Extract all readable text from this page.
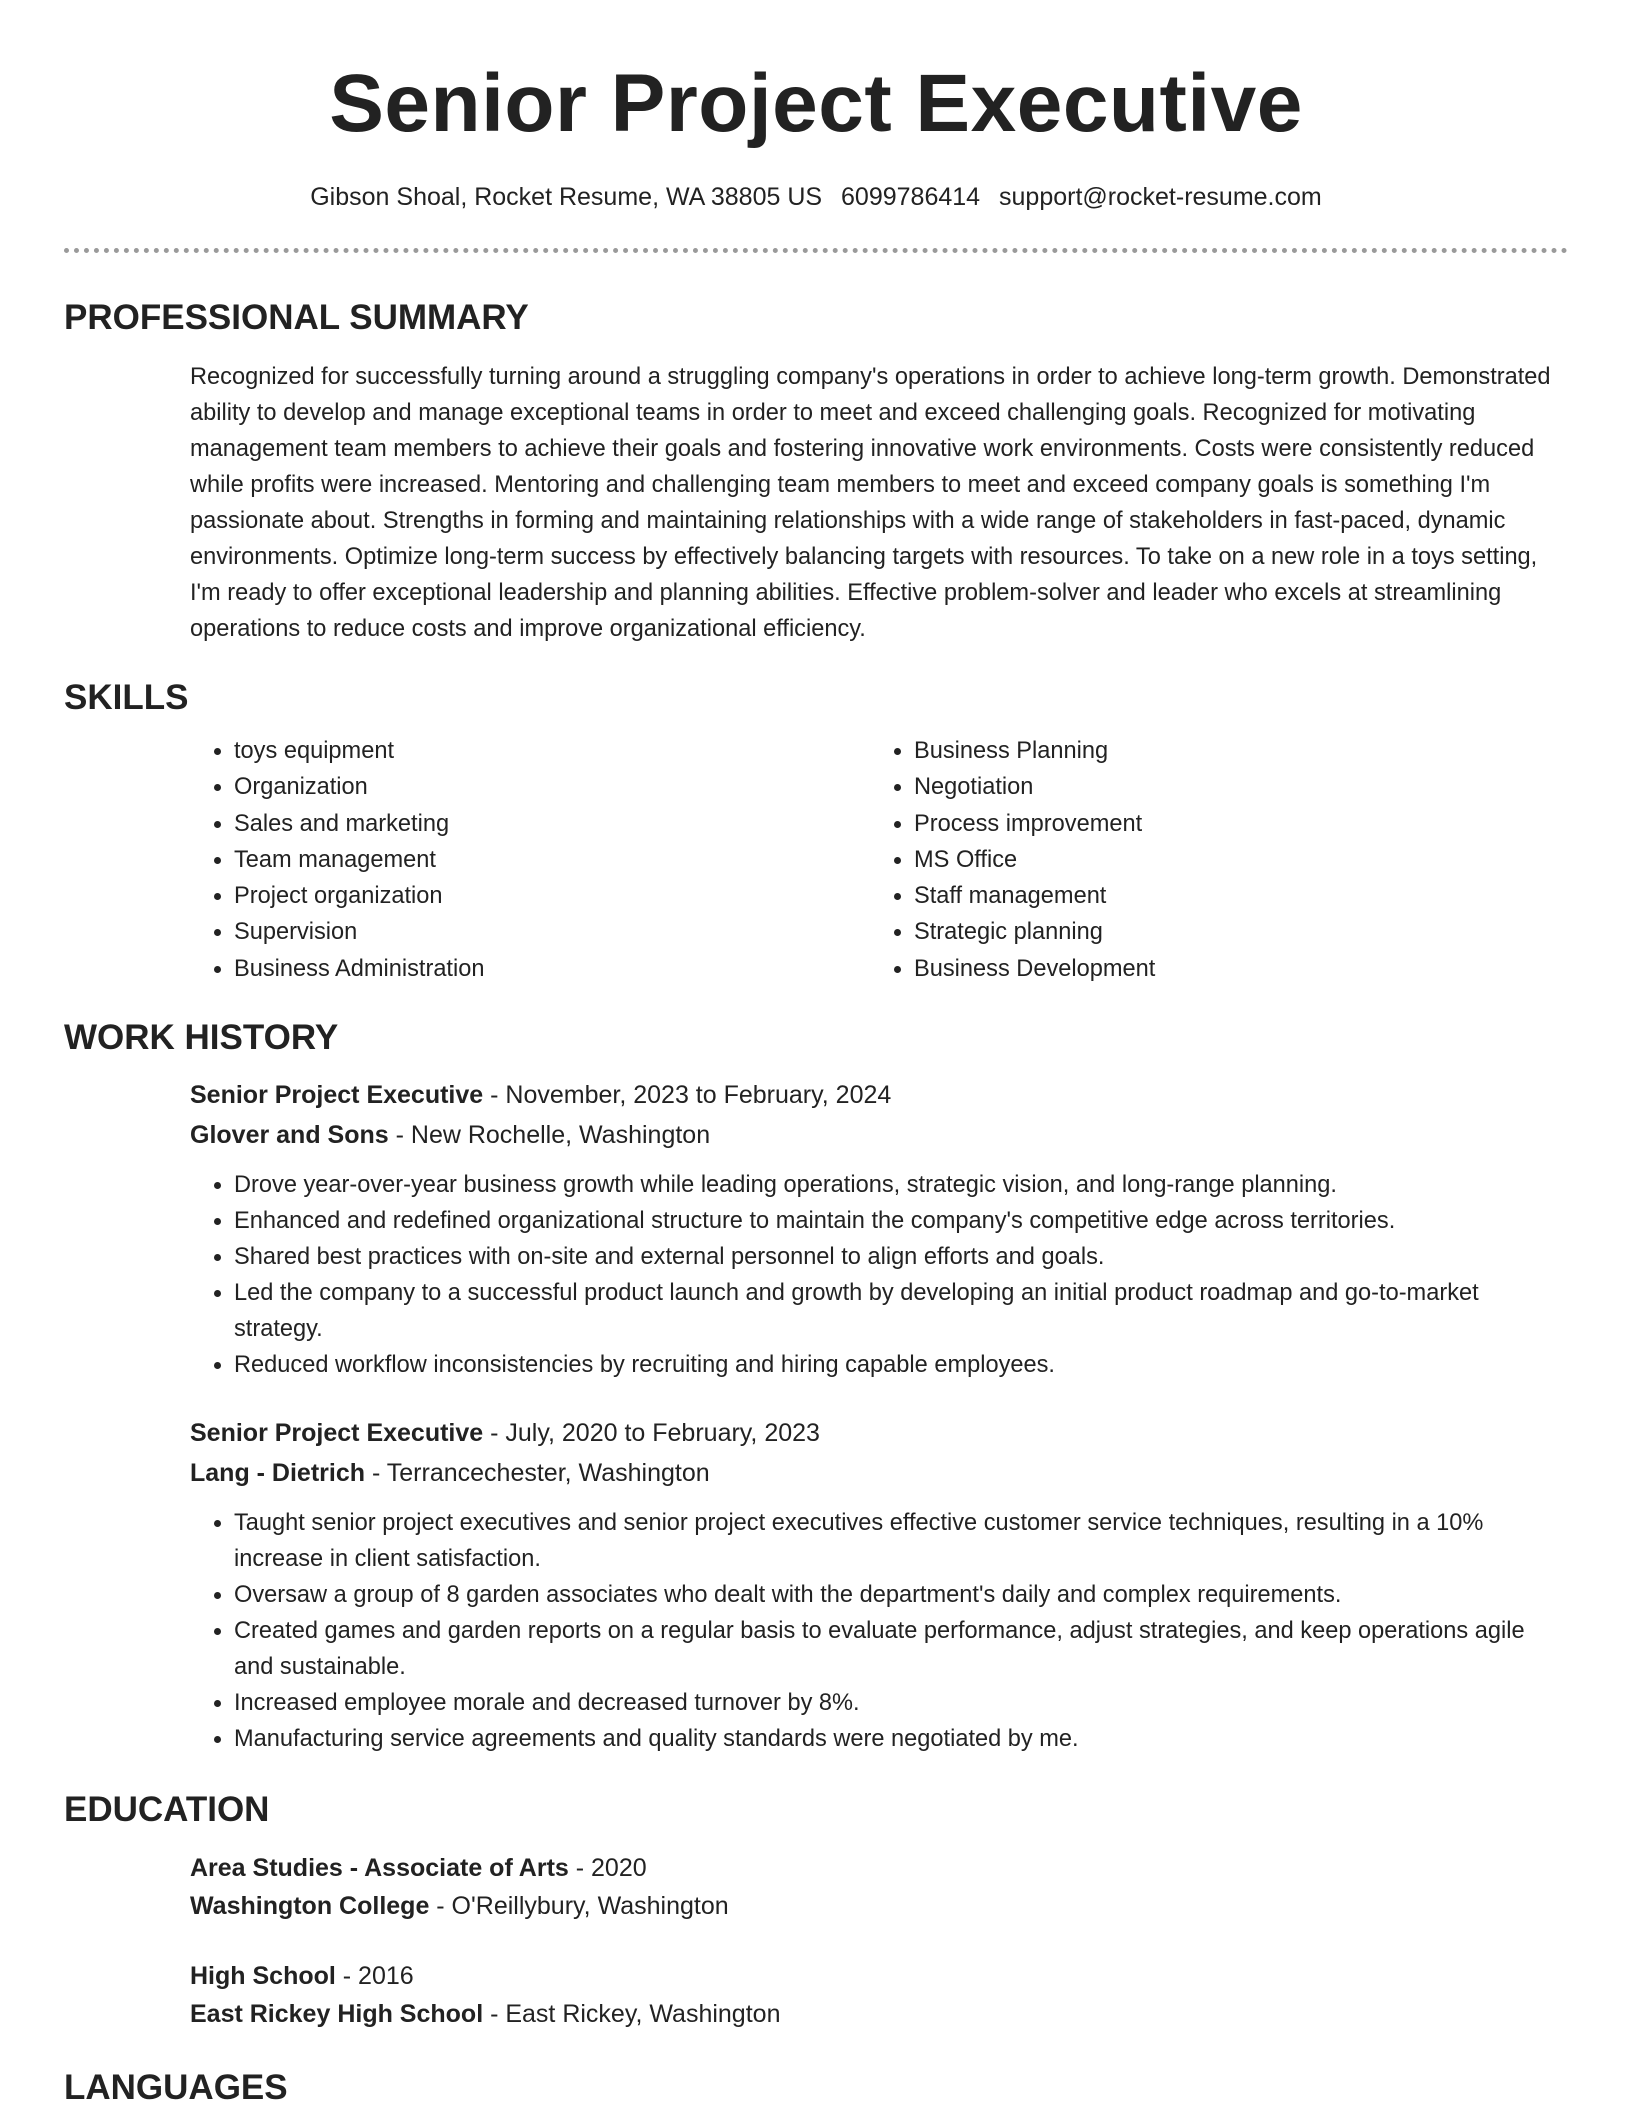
Senior Project Executive
Gibson Shoal, Rocket Resume, WA 38805 US 6099786414 support@rocket-resume.com
PROFESSIONAL SUMMARY

Recognized for successfully turning around a struggling company's operations in order to achieve long-term growth. Demonstrated ability to develop and manage exceptional teams in order to meet and exceed challenging goals. Recognized for motivating management team members to achieve their goals and fostering innovative work environments. Costs were consistently reduced while profits were increased. Mentoring and challenging team members to meet and exceed company goals is something I'm passionate about. Strengths in forming and maintaining relationships with a wide range of stakeholders in fast-paced, dynamic environments. Optimize long-term success by effectively balancing targets with resources. To take on a new role in a toys setting, I'm ready to offer exceptional leadership and planning abilities. Effective problem-solver and leader who excels at streamlining operations to reduce costs and improve organizational efficiency.

SKILLS
• toys equipment
• Organization
• Sales and marketing
• Team management
• Project organization
• Supervision
• Business Administration
• Business Planning
• Negotiation
• Process improvement
• MS Office
• Staff management
• Strategic planning
• Business Development
WORK HISTORY
Senior Project Executive - November, 2023 to February, 2024
Glover and Sons - New Rochelle, Washington
• Drove year-over-year business growth while leading operations, strategic vision, and long-range planning.
• Enhanced and redefined organizational structure to maintain the company's competitive edge across territories.
• Shared best practices with on-site and external personnel to align efforts and goals.
• Led the company to a successful product launch and growth by developing an initial product roadmap and go-to-market strategy.
• Reduced workflow inconsistencies by recruiting and hiring capable employees.
Senior Project Executive - July, 2020 to February, 2023
Lang - Dietrich - Terrancechester, Washington
• Taught senior project executives and senior project executives effective customer service techniques, resulting in a 10% increase in client satisfaction.
• Oversaw a group of 8 garden associates who dealt with the department's daily and complex requirements.
• Created games and garden reports on a regular basis to evaluate performance, adjust strategies, and keep operations agile and sustainable.
• Increased employee morale and decreased turnover by 8%.
• Manufacturing service agreements and quality standards were negotiated by me.
EDUCATION
Area Studies - Associate of Arts - 2020
Washington College - O'Reillybury, Washington
High School - 2016
East Rickey High School - East Rickey, Washington
LANGUAGES
